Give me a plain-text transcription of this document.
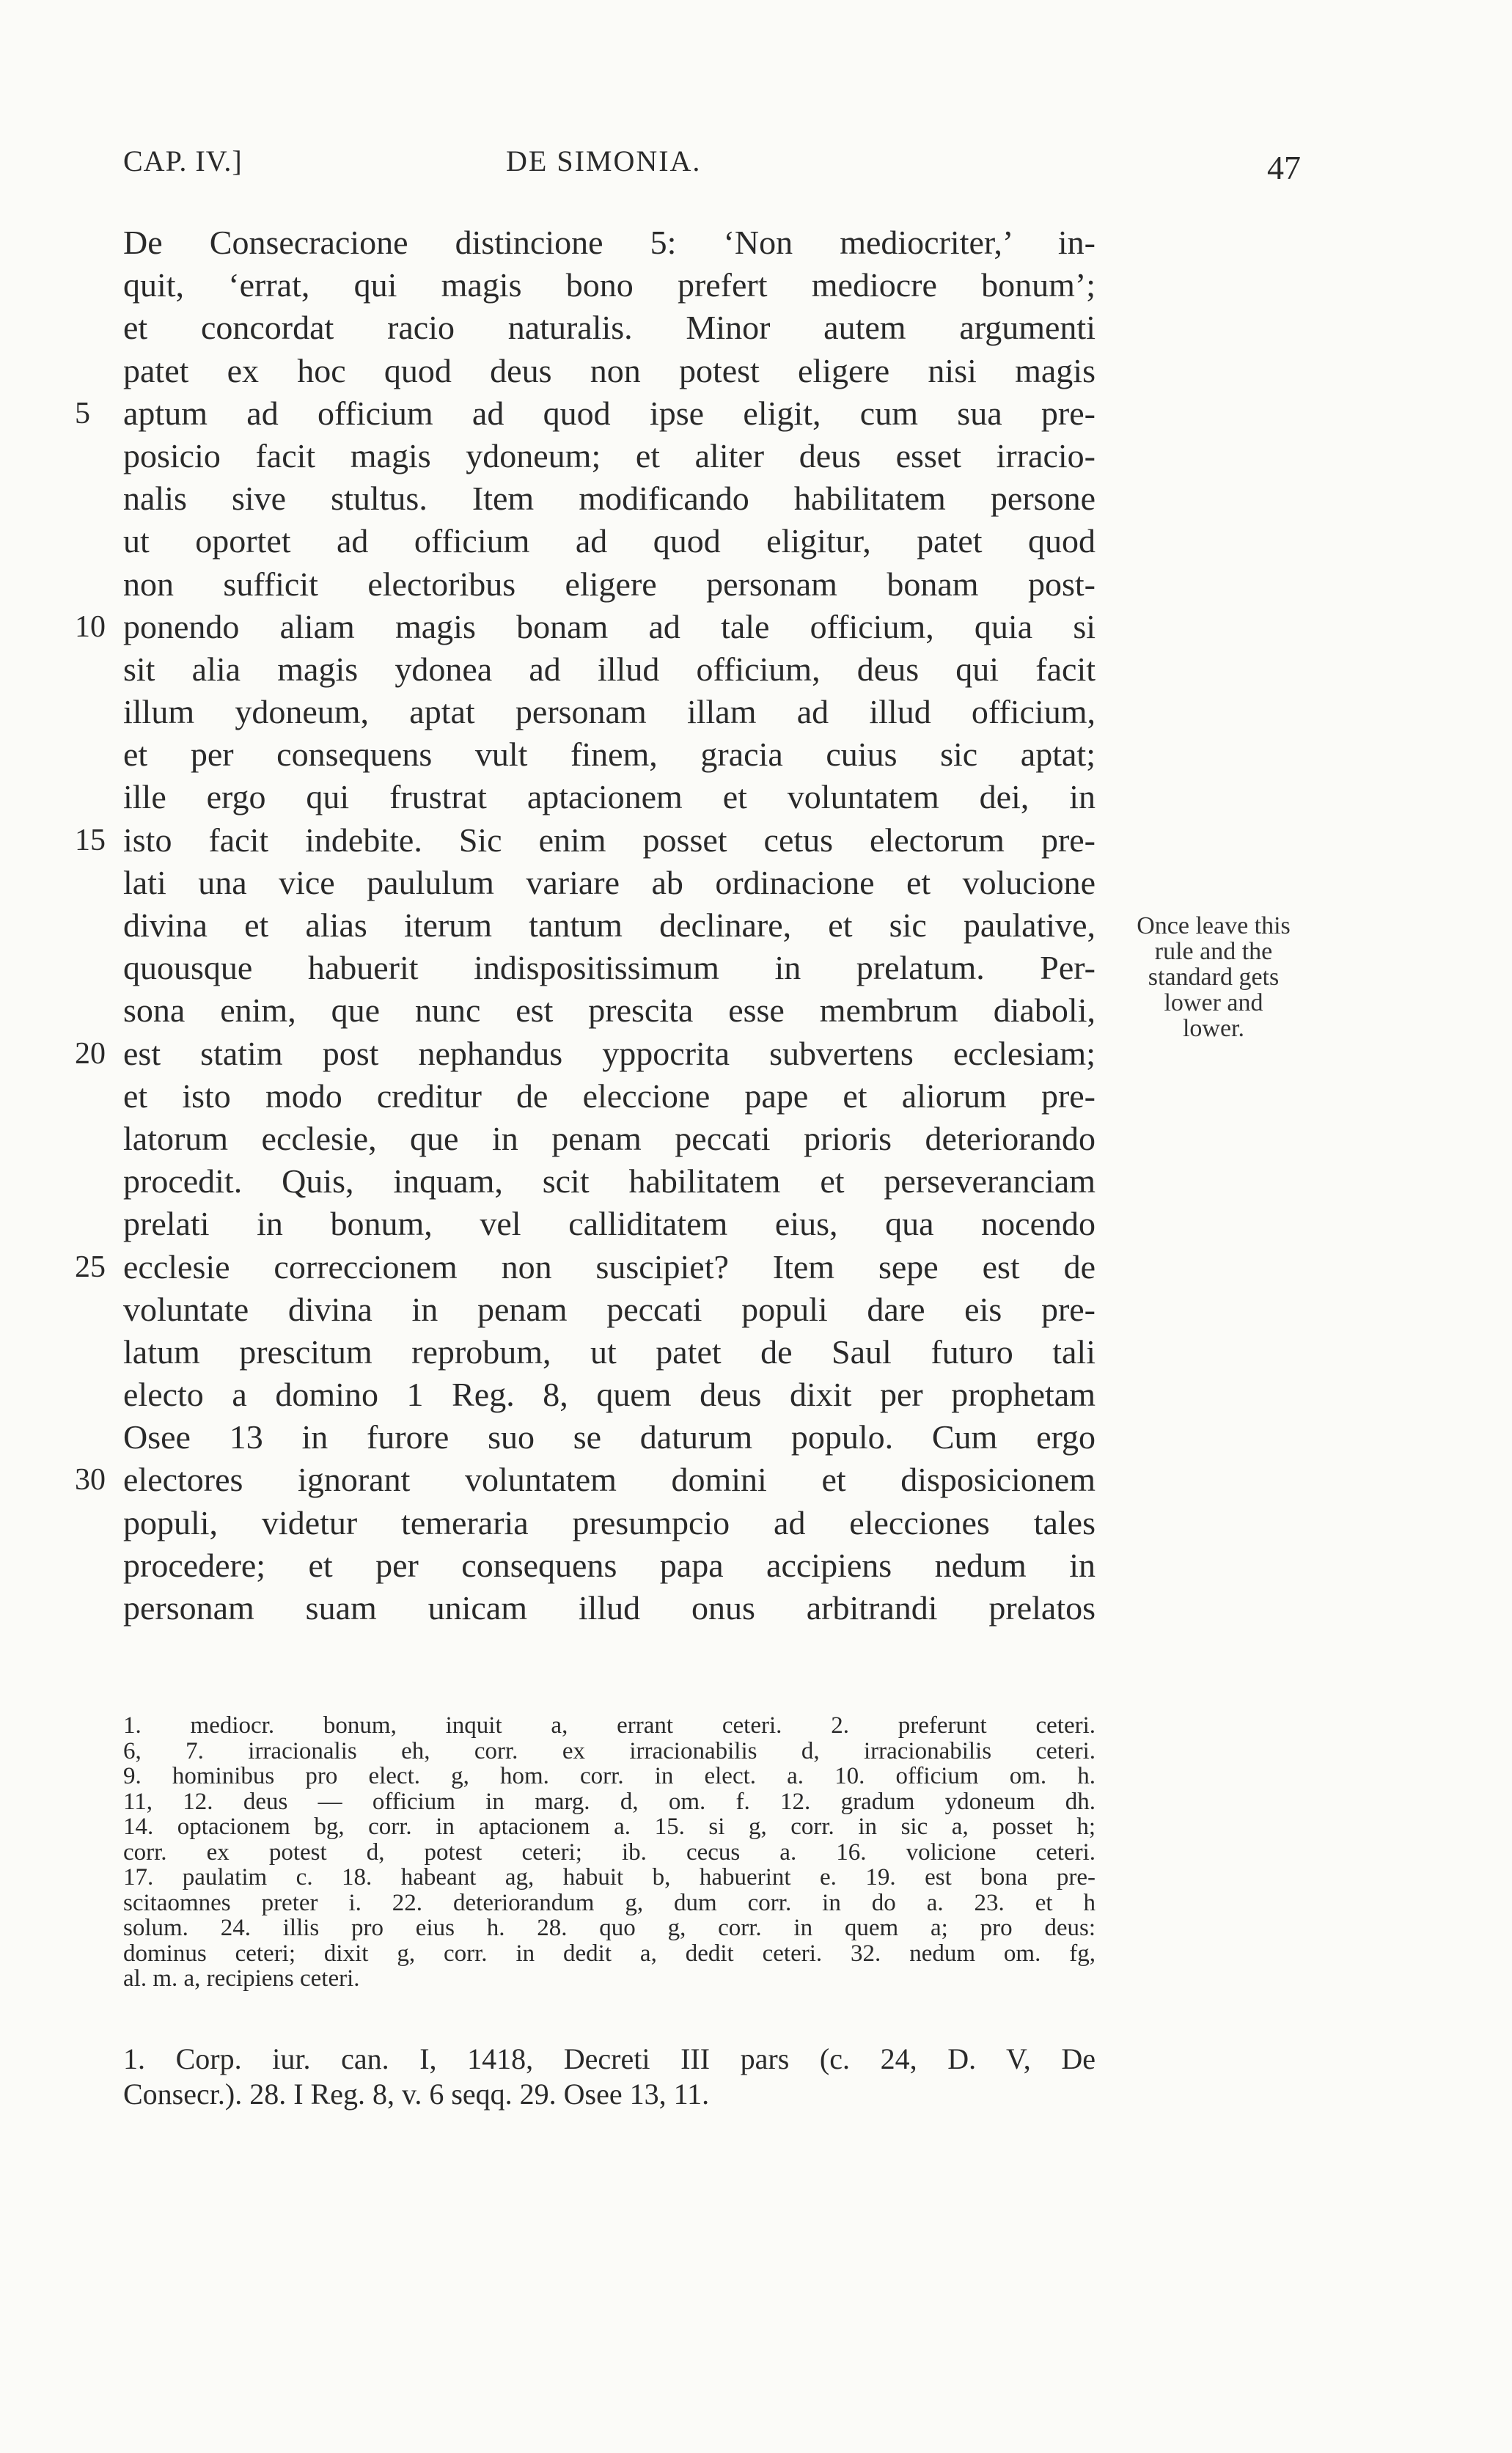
CAP. IV.]	DE SIMONIA.	47
De Consecracione distincione 5: ‘Non mediocriter,’ in-
quit, ‘errat, qui magis bono prefert mediocre bonum’;
et concordat racio naturalis. Minor autem argumenti
patet ex hoc quod deus non potest eligere nisi magis
5 aptum ad officium ad quod ipse eligit, cum sua pre-
posicio facit magis ydoneum; et aliter deus esset irracio-
nalis sive stultus. Item modificando habilitatem persone
ut oportet ad officium ad quod eligitur, patet quod
non sufficit electoribus eligere personam bonam post-
10 ponendo aliam magis bonam ad tale officium, quia si
sit alia magis ydonea ad illud officium, deus qui facit
illum ydoneum, aptat personam illam ad illud officium,
et per consequens vult finem, gracia cuius sic aptat;
ille ergo qui frustrat aptacionem et voluntatem dei, in
15 isto facit indebite. Sic enim posset cetus electorum pre-
lati una vice paululum variare ab ordinacione et volucione
divina et alias iterum tantum declinare, et sic paulative,
quousque habuerit indispositissimum in prelatum. Per-
sona enim, que nunc est prescita esse membrum diaboli,
20 est statim post nephandus yppocrita subvertens ecclesiam;
et isto modo creditur de eleccione pape et aliorum pre-
latorum ecclesie, que in penam peccati prioris deteriorando
procedit. Quis, inquam, scit habilitatem et perseveranciam
prelati in bonum, vel calliditatem eius, qua nocendo
25 ecclesie correccionem non suscipiet? Item sepe est de
voluntate divina in penam peccati populi dare eis pre-
latum prescitum reprobum, ut patet de Saul futuro tali
electo a domino 1 Reg. 8, quem deus dixit per prophetam
Osee 13 in furore suo se daturum populo. Cum ergo
30 electores ignorant voluntatem domini et disposicionem
populi, videtur temeraria presumpcio ad elecciones tales
procedere; et per consequens papa accipiens nedum in
personam suam unicam illud onus arbitrandi prelatos
Once leave this
rule and the
standard gets
lower and
lower.
1. mediocr. bonum, inquit a, errant ceteri. 2. preferunt ceteri.
6, 7. irracionalis eh, corr. ex irracionabilis d, irracionabilis ceteri.
9. hominibus pro elect. g, hom. corr. in elect. a. 10. officium om. h.
11, 12. deus — officium in marg. d, om. f. 12. gradum ydoneum dh.
14. optacionem bg, corr. in aptacionem a. 15. si g, corr. in sic a, posset h;
corr. ex potest d, potest ceteri; ib. cecus a. 16. volicione ceteri.
17. paulatim c. 18. habeant ag, habuit b, habuerint e. 19. est bona pre-
scitaomnes preter i. 22. deteriorandum g, dum corr. in do a. 23. et h
solum. 24. illis pro eius h. 28. quo g, corr. in quem a; pro deus:
dominus ceteri; dixit g, corr. in dedit a, dedit ceteri. 32. nedum om. fg,
al. m. a, recipiens ceteri.
1. Corp. iur. can. I, 1418, Decreti III pars (c. 24, D. V, De
Consecr.). 28. I Reg. 8, v. 6 seqq. 29. Osee 13, 11.
